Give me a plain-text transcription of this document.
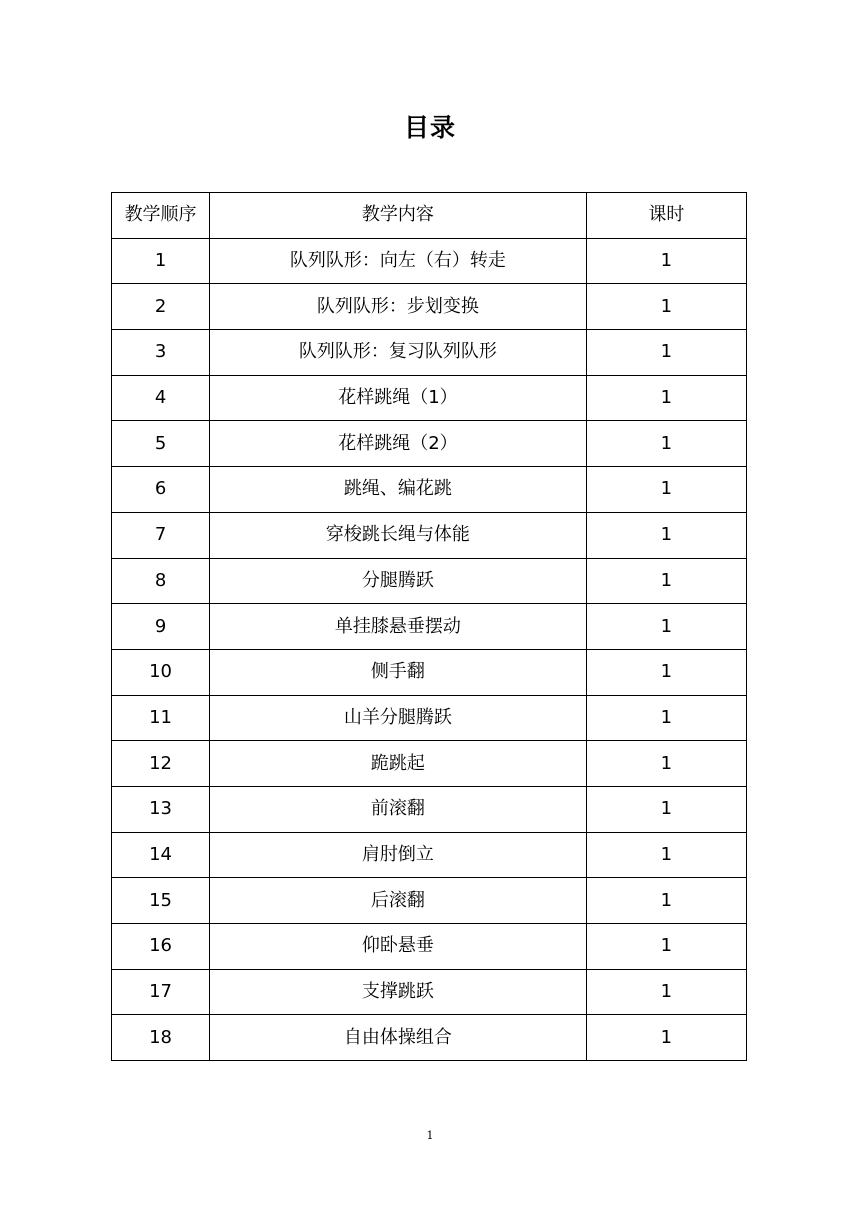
目录
教学顺序	教学内容	课时
1	队列队形：向左（右）转走	1
2	队列队形：步划变换	1
3	队列队形：复习队列队形	1
4	花样跳绳（1）	1
5	花样跳绳（2）	1
6	跳绳、编花跳	1
7	穿梭跳长绳与体能	1
8	分腿腾跃	1
9	单挂膝悬垂摆动	1
10	侧手翻	1
11	山羊分腿腾跃	1
12	跪跳起	1
13	前滚翻	1
14	肩肘倒立	1
15	后滚翻	1
16	仰卧悬垂	1
17	支撑跳跃	1
18	自由体操组合	1
1
